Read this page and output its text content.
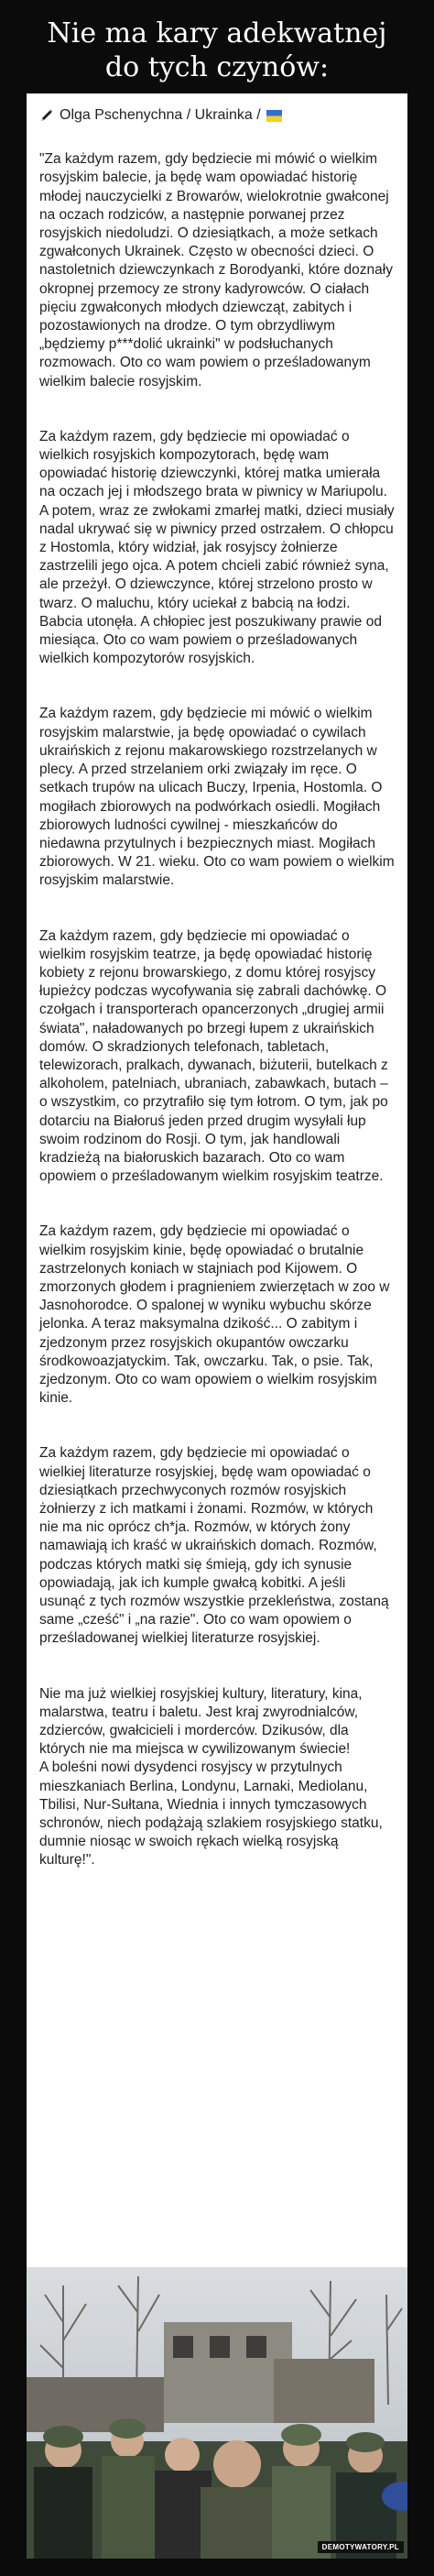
Nie ma kary adekwatnej
do tych czynów:
Olga Pschenychna / Ukrainka /

"Za każdym razem, gdy będziecie mi mówić o wielkim rosyjskim balecie, ja będę wam opowiadać historię młodej nauczycielki z Browarów, wielokrotnie gwałconej na oczach rodziców, a następnie porwanej przez rosyjskich niedoludzi. O dziesiątkach, a może setkach zgwałconych Ukrainek. Często w obecności dzieci. O nastoletnich dziewczynkach z Borodyanki, które doznały okropnej przemocy ze strony kadyrowców. O ciałach pięciu zgwałconych młodych dziewcząt, zabitych i pozostawionych na drodze. O tym obrzydliwym „będziemy p***dolić ukrainki" w podsłuchanych rozmowach. Oto co wam powiem o prześladowanym wielkim balecie rosyjskim.

Za każdym razem, gdy będziecie mi opowiadać o wielkich rosyjskich kompozytorach, będę wam opowiadać historię dziewczynki, której matka umierała na oczach jej i młodszego brata w piwnicy w Mariupolu. A potem, wraz ze zwłokami zmarłej matki, dzieci musiały nadal ukrywać się w piwnicy przed ostrzałem. O chłopcu z Hostomla, który widział, jak rosyjscy żołnierze zastrzelili jego ojca. A potem chcieli zabić również syna, ale przeżył. O dziewczynce, której strzelono prosto w twarz. O maluchu, który uciekał z babcią na łodzi. Babcia utonęła. A chłopiec jest poszukiwany prawie od miesiąca. Oto co wam powiem o prześladowanych wielkich kompozytorów rosyjskich.

Za każdym razem, gdy będziecie mi mówić o wielkim rosyjskim malarstwie, ja będę opowiadać o cywilach ukraińskich z rejonu makarowskiego rozstrzelanych w plecy. A przed strzelaniem orki związały im ręce. O setkach trupów na ulicach Buczy, Irpenia, Hostomla. O mogiłach zbiorowych na podwórkach osiedli. Mogiłach zbiorowych ludności cywilnej - mieszkańców do niedawna przytulnych i bezpiecznych miast. Mogiłach zbiorowych. W 21. wieku. Oto co wam powiem o wielkim rosyjskim malarstwie.

Za każdym razem, gdy będziecie mi opowiadać o wielkim rosyjskim teatrze, ja będę opowiadać historię kobiety z rejonu browarskiego, z domu której rosyjscy łupieżcy podczas wycofywania się zabrali dachówkę. O czołgach i transporterach opancerzonych „drugiej armii świata", naładowanych po brzegi łupem z ukraińskich domów. O skradzionych telefonach, tabletach, telewizorach, pralkach, dywanach, biżuterii, butelkach z alkoholem, patelniach, ubraniach, zabawkach, butach – o wszystkim, co przytrafiło się tym łotrom. O tym, jak po dotarciu na Białoruś jeden przed drugim wysyłali łup swoim rodzinom do Rosji. O tym, jak handlowali kradzieżą na białoruskich bazarach. Oto co wam opowiem o prześladowanym wielkim rosyjskim teatrze.

Za każdym razem, gdy będziecie mi opowiadać o wielkim rosyjskim kinie, będę opowiadać o brutalnie zastrzelonych koniach w stajniach pod Kijowem. O zmorzonych głodem i pragnieniem zwierzętach w zoo w Jasnohorodce. O spalonej w wyniku wybuchu skórze jelonka. A teraz maksymalna dzikość... O zabitym i zjedzonym przez rosyjskich okupantów owczarku środkowoazjatyckim. Tak, owczarku. Tak, o psie. Tak, zjedzonym. Oto co wam opowiem o wielkim rosyjskim kinie.

Za każdym razem, gdy będziecie mi opowiadać o wielkiej literaturze rosyjskiej, będę wam opowiadać o dziesiątkach przechwyconych rozmów rosyjskich żołnierzy z ich matkami i żonami. Rozmów, w których nie ma nic oprócz ch*ja. Rozmów, w których żony namawiają ich kraść w ukraińskich domach. Rozmów, podczas których matki się śmieją, gdy ich synusie opowiadają, jak ich kumple gwałcą kobitki. A jeśli usunąć z tych rozmów wszystkie przekleństwa, zostaną same „cześć" i „na razie". Oto co wam opowiem o prześladowanej wielkiej literaturze rosyjskiej.

Nie ma już wielkiej rosyjskiej kultury, literatury, kina, malarstwa, teatru i baletu. Jest kraj zwyrodnialców, zdzierców, gwałcicieli i morderców. Dzikusów, dla których nie ma miejsca w cywilizowanym świecie!
A boleśni nowi dysydenci rosyjscy w przytulnych mieszkaniach Berlina, Londynu, Larnaki, Mediolanu, Tbilisi, Nur-Sułtana, Wiednia i innych tymczasowych schronów, niech podążają szlakiem rosyjskiego statku, dumnie niosąc w swoich rękach wielką rosyjską kulturę!".

DEMOTYWATORY.PL
